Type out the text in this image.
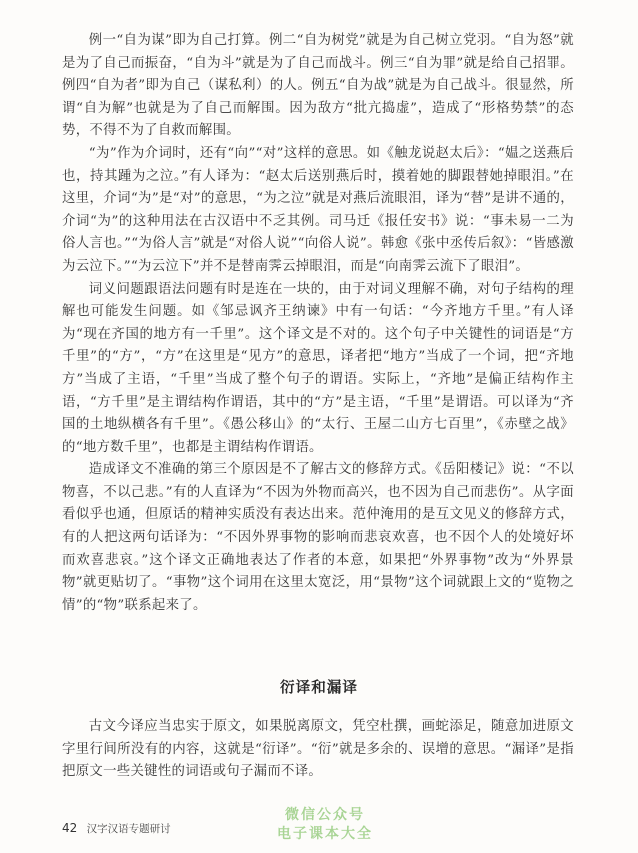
例一“自为谋”即为自己打算。例二“自为树党”就是为自己树立党羽。“自为怒”就是为了自己而振奋，“自为斗”就是为了自己而战斗。例三“自为罪”就是给自己招罪。例四“自为者”即为自己（谋私利）的人。例五“自为战”就是为自己战斗。很显然，所谓“自为解”也就是为了自己而解围。因为敌方“批亢捣虚”，造成了“形格势禁”的态势，不得不为了自救而解围。

“为”作为介词时，还有“向”“对”这样的意思。如《触龙说赵太后》：“媪之送燕后也，持其踵为之泣。”有人译为：“赵太后送别燕后时，摸着她的脚跟替她掉眼泪。”在这里，介词“为”是“对”的意思，“为之泣”就是对燕后流眼泪，译为“替”是讲不通的，介词“为”的这种用法在古汉语中不乏其例。司马迁《报任安书》说：“事未易一二为俗人言也。”“为俗人言”就是“对俗人说”“向俗人说”。韩愈《张中丞传后叙》：“皆感激为云泣下。”“为云泣下”并不是替南霁云掉眼泪，而是“向南霁云流下了眼泪”。

词义问题跟语法问题有时是连在一块的，由于对词义理解不确，对句子结构的理解也可能发生问题。如《邹忌讽齐王纳谏》中有一句话：“今齐地方千里。”有人译为“现在齐国的地方有一千里”。这个译文是不对的。这个句子中关键性的词语是“方千里”的“方”，“方”在这里是“见方”的意思，译者把“地方”当成了一个词，把“齐地方”当成了主语，“千里”当成了整个句子的谓语。实际上，“齐地”是偏正结构作主语，“方千里”是主谓结构作谓语，其中的“方”是主语，“千里”是谓语。可以译为“齐国的土地纵横各有千里”。《愚公移山》的“太行、王屋二山方七百里”，《赤壁之战》的“地方数千里”，也都是主谓结构作谓语。

造成译文不准确的第三个原因是不了解古文的修辞方式。《岳阳楼记》说：“不以物喜，不以己悲。”有的人直译为“不因为外物而高兴，也不因为自己而悲伤”。从字面看似乎也通，但原话的精神实质没有表达出来。范仲淹用的是互文见义的修辞方式，有的人把这两句话译为：“不因外界事物的影响而悲哀欢喜，也不因个人的处境好坏而欢喜悲哀。”这个译文正确地表达了作者的本意，如果把“外界事物”改为“外界景物”就更贴切了。“事物”这个词用在这里太宽泛，用“景物”这个词就跟上文的“览物之情”的“物”联系起来了。

衍译和漏译

古文今译应当忠实于原文，如果脱离原文，凭空杜撰，画蛇添足，随意加进原文字里行间所没有的内容，这就是“衍译”。“衍”就是多余的、误增的意思。“漏译”是指把原文一些关键性的词语或句子漏而不译。

42 汉字汉语专题研讨
微信公众号
电子课本大全
